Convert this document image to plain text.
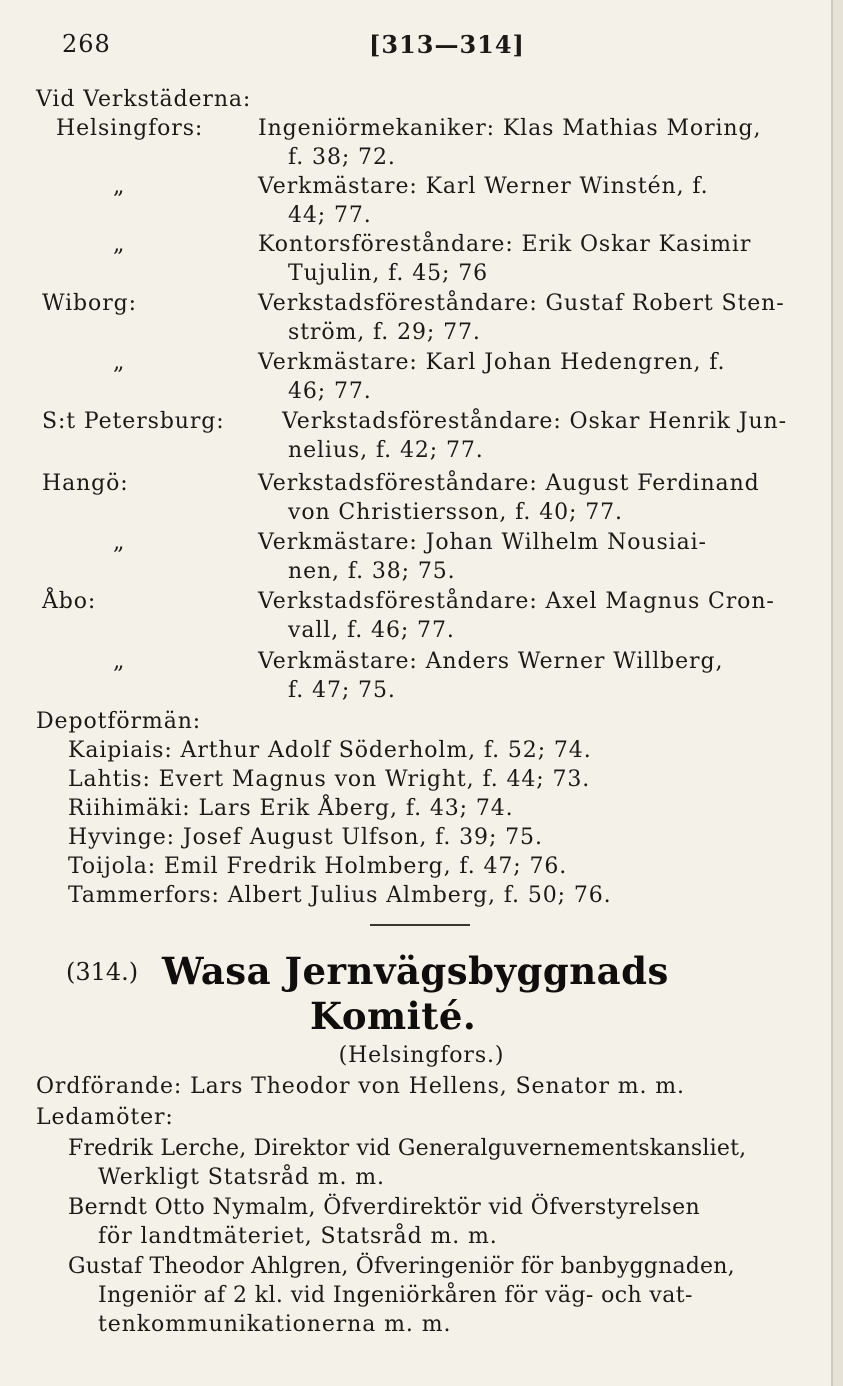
268	[313—314]
Vid Verkstäderna:
Helsingfors: Ingeniörmekaniker: Klas Mathias Moring,
f. 38; 72.
„	Verkmästare: Karl Werner Winstén, f.
44; 77.
„	Kontorsföreståndare: Erik Oskar Kasimir
Tujulin, f. 45; 76
Wiborg:	Verkstadsföreståndare: Gustaf Robert Sten-
ström, f. 29; 77.
„	Verkmästare: Karl Johan Hedengren, f.
46; 77.
S:t Petersburg:	Verkstadsföreståndare: Oskar Henrik Jun-
nelius, f. 42; 77.
Hangö:	Verkstadsföreståndare: August Ferdinand
von Christiersson, f. 40; 77.
„	Verkmästare: Johan Wilhelm Nousiai-
nen, f. 38; 75.
Åbo:	Verkstadsföreståndare: Axel Magnus Cron-
vall, f. 46; 77.
„	Verkmästare: Anders Werner Willberg,
f. 47; 75.
Depotförmän:
Kaipiais: Arthur Adolf Söderholm, f. 52; 74.
Lahtis: Evert Magnus von Wright, f. 44; 73.
Riihimäki: Lars Erik Åberg, f. 43; 74.
Hyvinge: Josef August Ulfson, f. 39; 75.
Toijola: Emil Fredrik Holmberg, f. 47; 76.
Tammerfors: Albert Julius Almberg, f. 50; 76.
(314.) Wasa Jernvägsbyggnads
Komité.
(Helsingfors.)
Ordförande: Lars Theodor von Hellens, Senator m. m.
Ledamöter:
Fredrik Lerche, Direktor vid Generalguvernementskansliet,
Werkligt Statsråd m. m.
Berndt Otto Nymalm, Öfverdirektör vid Öfverstyrelsen
för landtmäteriet, Statsråd m. m.
Gustaf Theodor Ahlgren, Öfveringeniör för banbyggnaden,
Ingeniör af 2 kl. vid Ingeniörkåren för väg- och vat-
tenkommunikationerna m. m.
